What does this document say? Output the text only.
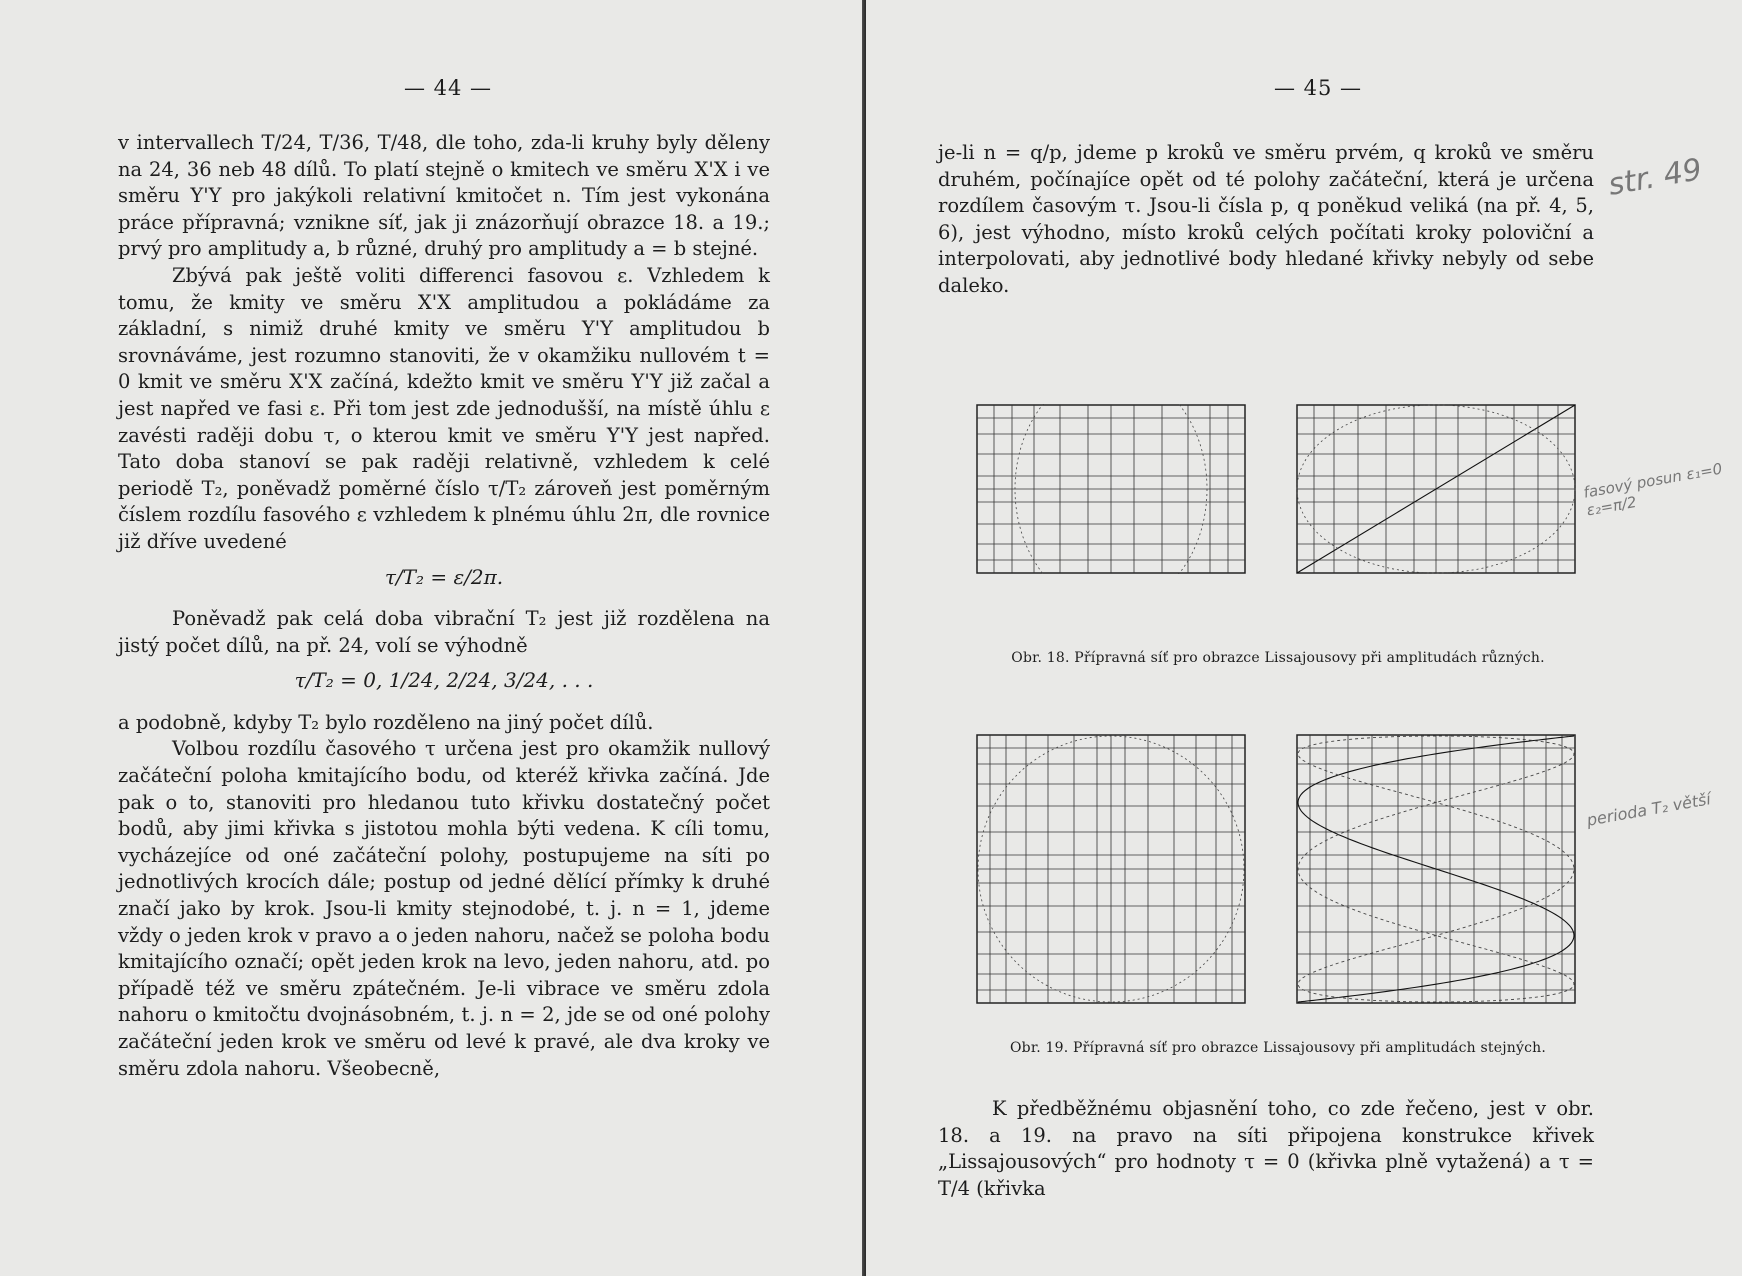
— 44 —

v intervallech T/24, T/36, T/48, dle toho, zda-li kruhy byly děleny na 24, 36 neb 48 dílů. To platí stejně o kmitech ve směru X'X i ve směru Y'Y pro jakýkoli relativní kmitočet n. Tím jest vykonána práce přípravná; vznikne síť, jak ji znázorňují obrazce 18. a 19.; prvý pro amplitudy a, b různé, druhý pro amplitudy a = b stejné.

Zbývá pak ještě voliti differenci fasovou ε. Vzhledem k tomu, že kmity ve směru X'X amplitudou a pokládáme za základní, s nimiž druhé kmity ve směru Y'Y amplitudou b srovnáváme, jest rozumno stanoviti, že v okamžiku nullovém t = 0 kmit ve směru X'X začíná, kdežto kmit ve směru Y'Y již začal a jest napřed ve fasi ε. Při tom jest zde jednodušší, na místě úhlu ε zavésti raději dobu τ, o kterou kmit ve směru Y'Y jest napřed. Tato doba stanoví se pak raději relativně, vzhledem k celé periodě T₂, poněvadž poměrné číslo τ/T₂ zároveň jest poměrným číslem rozdílu fasového ε vzhledem k plnému úhlu 2π, dle rovnice již dříve uvedené

τ/T₂ = ε/2π.

Poněvadž pak celá doba vibrační T₂ jest již rozdělena na jistý počet dílů, na př. 24, volí se výhodně

τ/T₂ = 0, 1/24, 2/24, 3/24, . . .

a podobně, kdyby T₂ bylo rozděleno na jiný počet dílů.

Volbou rozdílu časového τ určena jest pro okamžik nullový začáteční poloha kmitajícího bodu, od kteréž křivka začíná. Jde pak o to, stanoviti pro hledanou tuto křivku dostatečný počet bodů, aby jimi křivka s jistotou mohla býti vedena. K cíli tomu, vycházejíce od oné začáteční polohy, postupujeme na síti po jednotlivých krocích dále; postup od jedné dělící přímky k druhé značí jako by krok. Jsou-li kmity stejnodobé, t. j. n = 1, jdeme vždy o jeden krok v pravo a o jeden nahoru, načež se poloha bodu kmitajícího označí; opět jeden krok na levo, jeden nahoru, atd. po případě též ve směru zpátečném. Je-li vibrace ve směru zdola nahoru o kmitočtu dvojnásobném, t. j. n = 2, jde se od oné polohy začáteční jeden krok ve směru od levé k pravé, ale dva kroky ve směru zdola nahoru. Všeobecně,

— 45 —

je-li n = q/p, jdeme p kroků ve směru prvém, q kroků ve směru druhém, počínajíce opět od té polohy začáteční, která je určena rozdílem časovým τ. Jsou-li čísla p, q poněkud veliká (na př. 4, 5, 6), jest výhodno, místo kroků celých počítati kroky poloviční a interpolovati, aby jednotlivé body hledané křivky nebyly od sebe daleko.

Obr. 18. Přípravná síť pro obrazce Lissajousovy při amplitudách různých.
Obr. 19. Přípravná síť pro obrazce Lissajousovy při amplitudách stejných.

K předběžnému objasnění toho, co zde řečeno, jest v obr. 18. a 19. na pravo na síti připojena konstrukce křivek „Lissajousových“ pro hodnoty τ = 0 (křivka plně vytažená) a τ = T/4 (křivka

str. 49
fasový posun ε₁=0 ε₂=π/2
perioda T₂ větší
